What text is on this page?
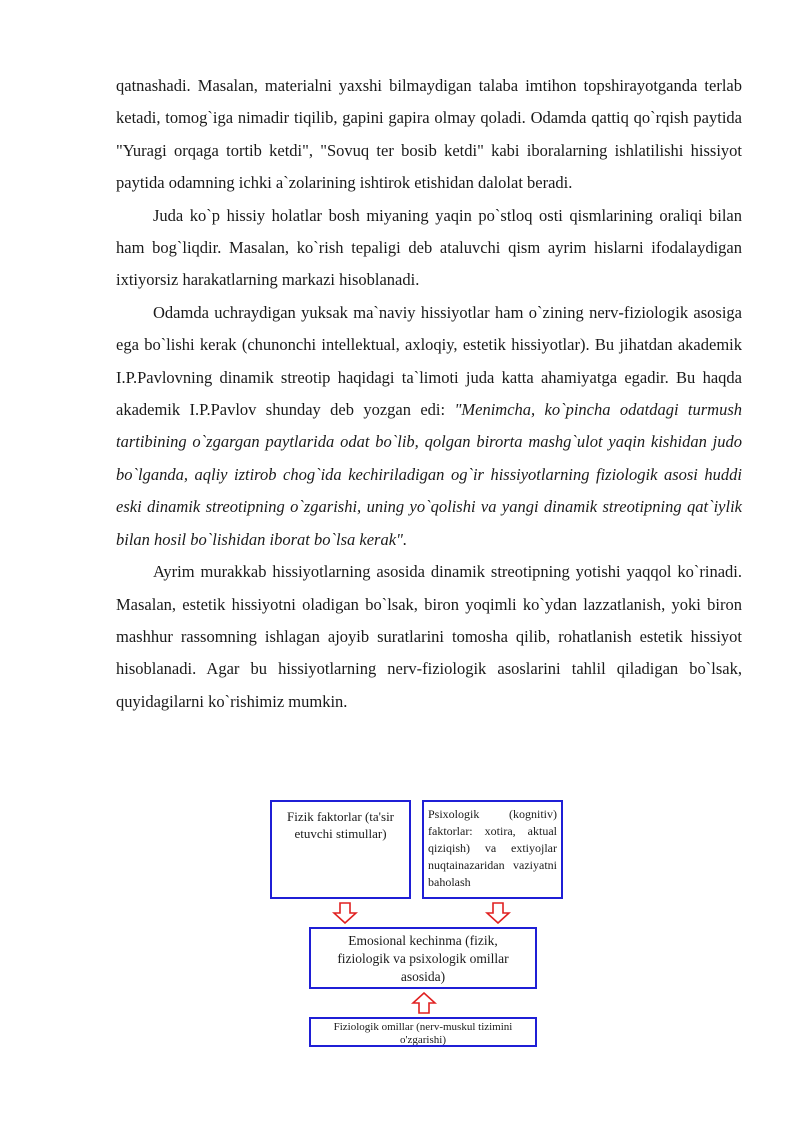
qatnashadi. Masalan, materialni yaxshi bilmaydigan talaba imtihon topshirayotganda terlab ketadi, tomog`iga nimadir tiqilib, gapini gapira olmay qoladi. Odamda qattiq qo`rqish paytida "Yuragi orqaga tortib ketdi", "Sovuq ter bosib ketdi" kabi iboralarning ishlatilishi hissiyot paytida odamning ichki a`zolarining ishtirok etishidan dalolat beradi.

Juda ko`p hissiy holatlar bosh miyaning yaqin po`stloq osti qismlarining oraliqi bilan ham bog`liqdir. Masalan, ko`rish tepaligi deb ataluvchi qism ayrim hislarni ifodalaydigan ixtiyorsiz harakatlarning markazi hisoblanadi.

Odamda uchraydigan yuksak ma`naviy hissiyotlar ham o`zining nerv-fiziologik asosiga ega bo`lishi kerak (chunonchi intellektual, axloqiy, estetik hissiyotlar). Bu jihatdan akademik I.P.Pavlovning dinamik streotip haqidagi ta`limoti juda katta ahamiyatga egadir. Bu haqda akademik I.P.Pavlov shunday deb yozgan edi: "Menimcha, ko`pincha odatdagi turmush tartibining o`zgargan paytlarida odat bo`lib, qolgan birorta mashg`ulot yaqin kishidan judo bo`lganda, aqliy iztirob chog`ida kechiriladigan og`ir hissiyotlarning fiziologik asosi huddi eski dinamik streotipning o`zgarishi, uning yo`qolishi va yangi dinamik streotipning qat`iylik bilan hosil bo`lishidan iborat bo`lsa kerak".

Ayrim murakkab hissiyotlarning asosida dinamik streotipning yotishi yaqqol ko`rinadi. Masalan, estetik hissiyotni oladigan bo`lsak, biron yoqimli ko`ydan lazzatlanish, yoki biron mashhur rassomning ishlagan ajoyib suratlarini tomosha qilib, rohatlanish estetik hissiyot hisoblanadi. Agar bu hissiyotlarning nerv-fiziologik asoslarini tahlil qiladigan bo`lsak, quyidagilarni ko`rishimiz mumkin.

Fizik faktorlar (ta'sir etuvchi stimullar)
Psixologik (kognitiv) faktorlar: xotira, aktual qiziqish) va extiyojlar nuqtainazaridan vaziyatni baholash
Emosional kechinma (fizik, fiziologik va psixologik omillar asosida)
Fiziologik omillar (nerv-muskul tizimini o'zgarishi)
